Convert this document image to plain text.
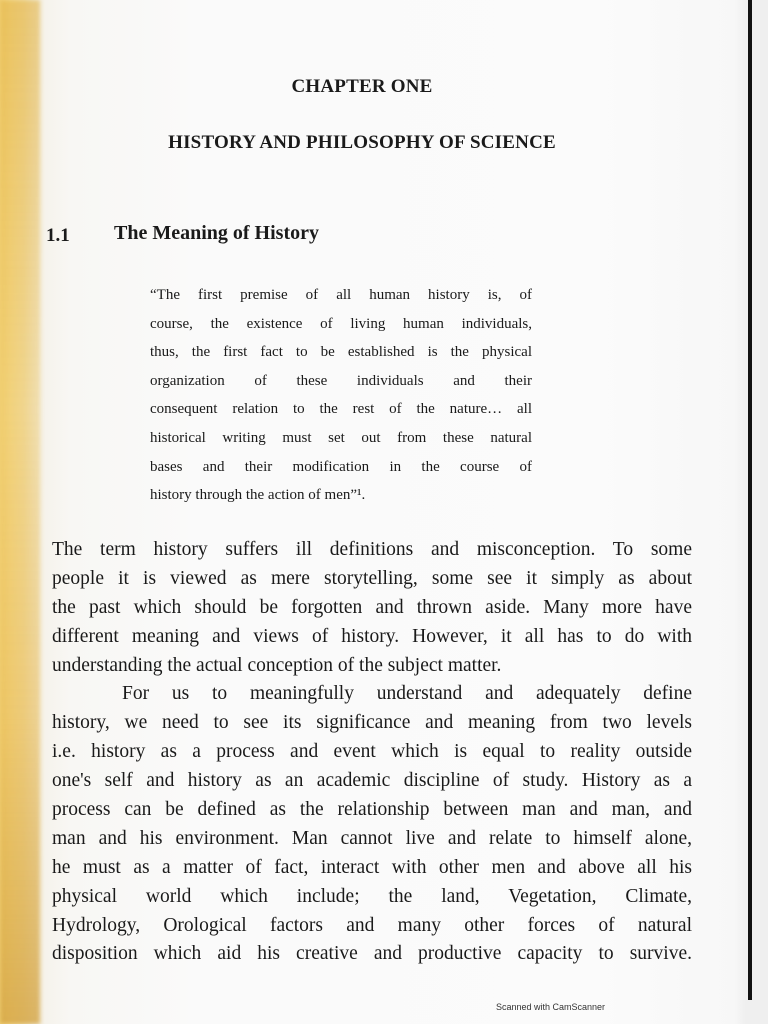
CHAPTER ONE
HISTORY AND PHILOSOPHY OF SCIENCE
1.1 The Meaning of History
“The first premise of all human history is, of
course, the existence of living human individuals,
thus, the first fact to be established is the physical
organization of these individuals and their
consequent relation to the rest of the nature… all
historical writing must set out from these natural
bases and their modification in the course of
history through the action of men”¹.
The term history suffers ill definitions and misconception. To some
people it is viewed as mere storytelling, some see it simply as about
the past which should be forgotten and thrown aside. Many more have
different meaning and views of history. However, it all has to do with
understanding the actual conception of the subject matter.
For us to meaningfully understand and adequately define
history, we need to see its significance and meaning from two levels
i.e. history as a process and event which is equal to reality outside
one's self and history as an academic discipline of study. History as a
process can be defined as the relationship between man and man, and
man and his environment. Man cannot live and relate to himself alone,
he must as a matter of fact, interact with other men and above all his
physical world which include; the land, Vegetation, Climate,
Hydrology, Orological factors and many other forces of natural
disposition which aid his creative and productive capacity to survive.
Scanned with CamScanner
